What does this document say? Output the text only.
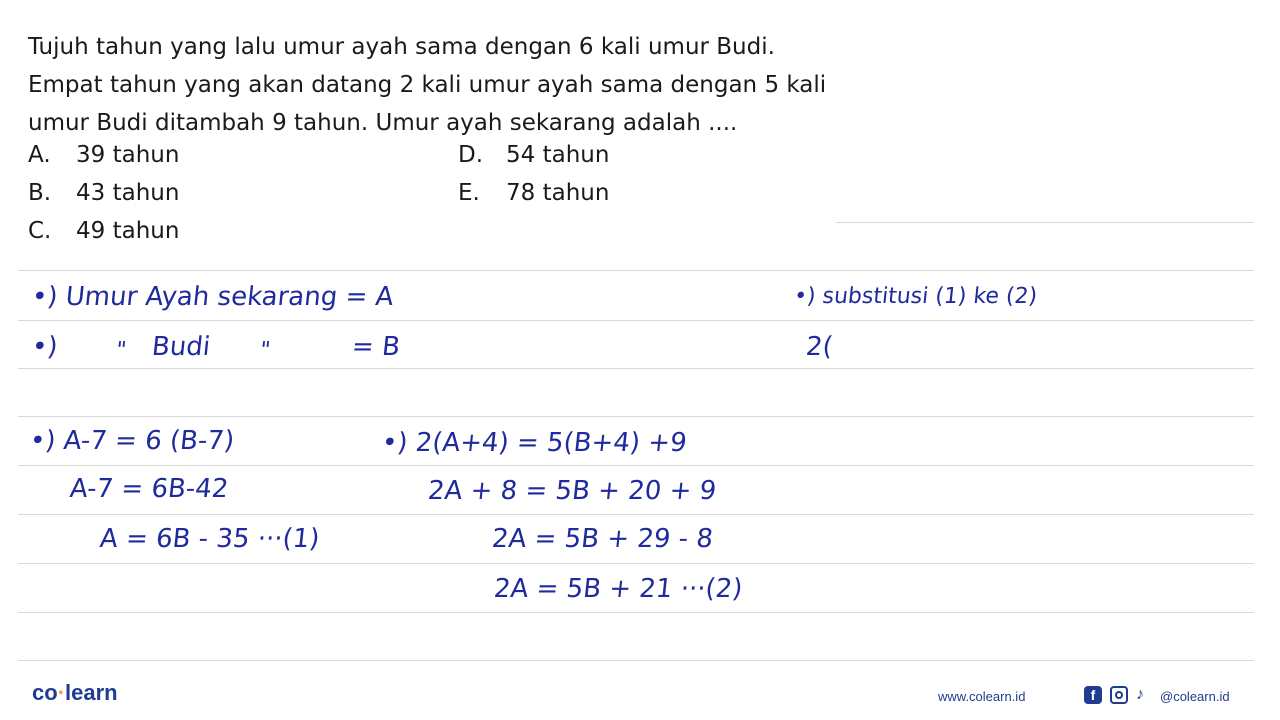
Tujuh tahun yang lalu umur ayah sama dengan 6 kali umur Budi.

Empat tahun yang akan datang 2 kali umur ayah sama dengan 5 kali

umur Budi ditambah 9 tahun. Umur ayah sekarang adalah ....

A. 39 tahun
B. 43 tahun
C. 49 tahun
D. 54 tahun
E. 78 tahun
•) Umur Ayah sekarang = A
•)	" Budi "	= B
•) substitusi (1) ke (2)
2(
•) A-7 = 6 (B-7)
A-7 = 6B-42
A = 6B - 35 ···(1)
•) 2(A+4) = 5(B+4) +9
2A + 8 = 5B + 20 + 9
2A = 5B + 29 - 8
2A = 5B + 21 ···(2)
co·learn	www.colearn.id	f	♪	@colearn.id
